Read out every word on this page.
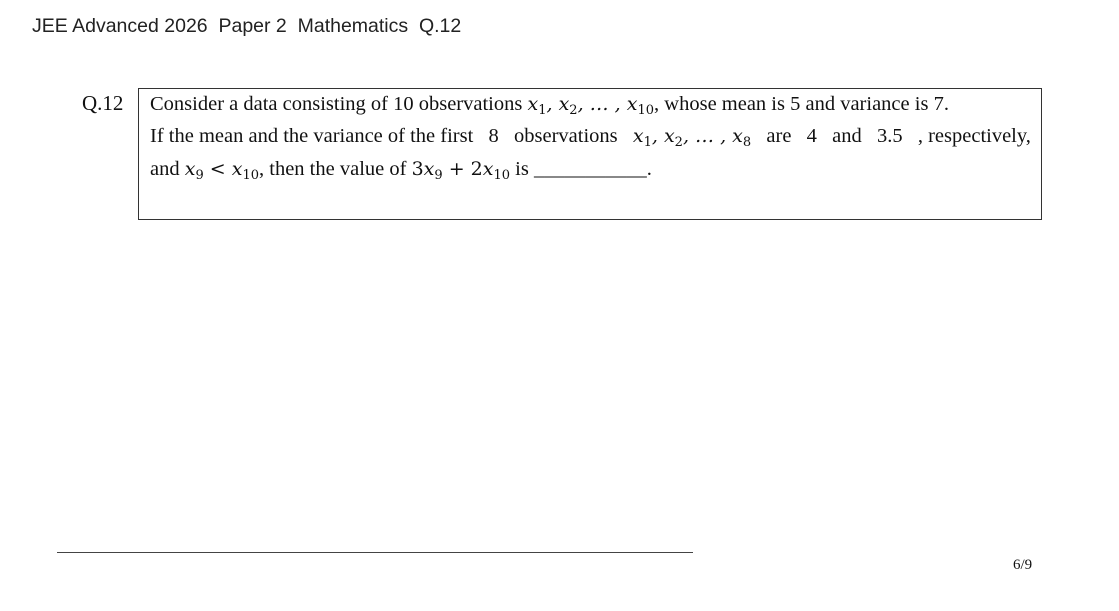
JEE Advanced 2026  Paper 2  Mathematics  Q.12
Q.12 Consider a data consisting of 10 observations $x_1$, $x_2$, … , $x_{10}$, whose mean is 5 and variance is 7.
If the mean and the variance of the first 8 observations $x_1$, $x_2$, … , $x_8$ are 4 and 3.5 , respectively,
and $x_9 < x_{10}$, then the value of $3x_9 + 2x_{10}$ is ___________.
6/9
